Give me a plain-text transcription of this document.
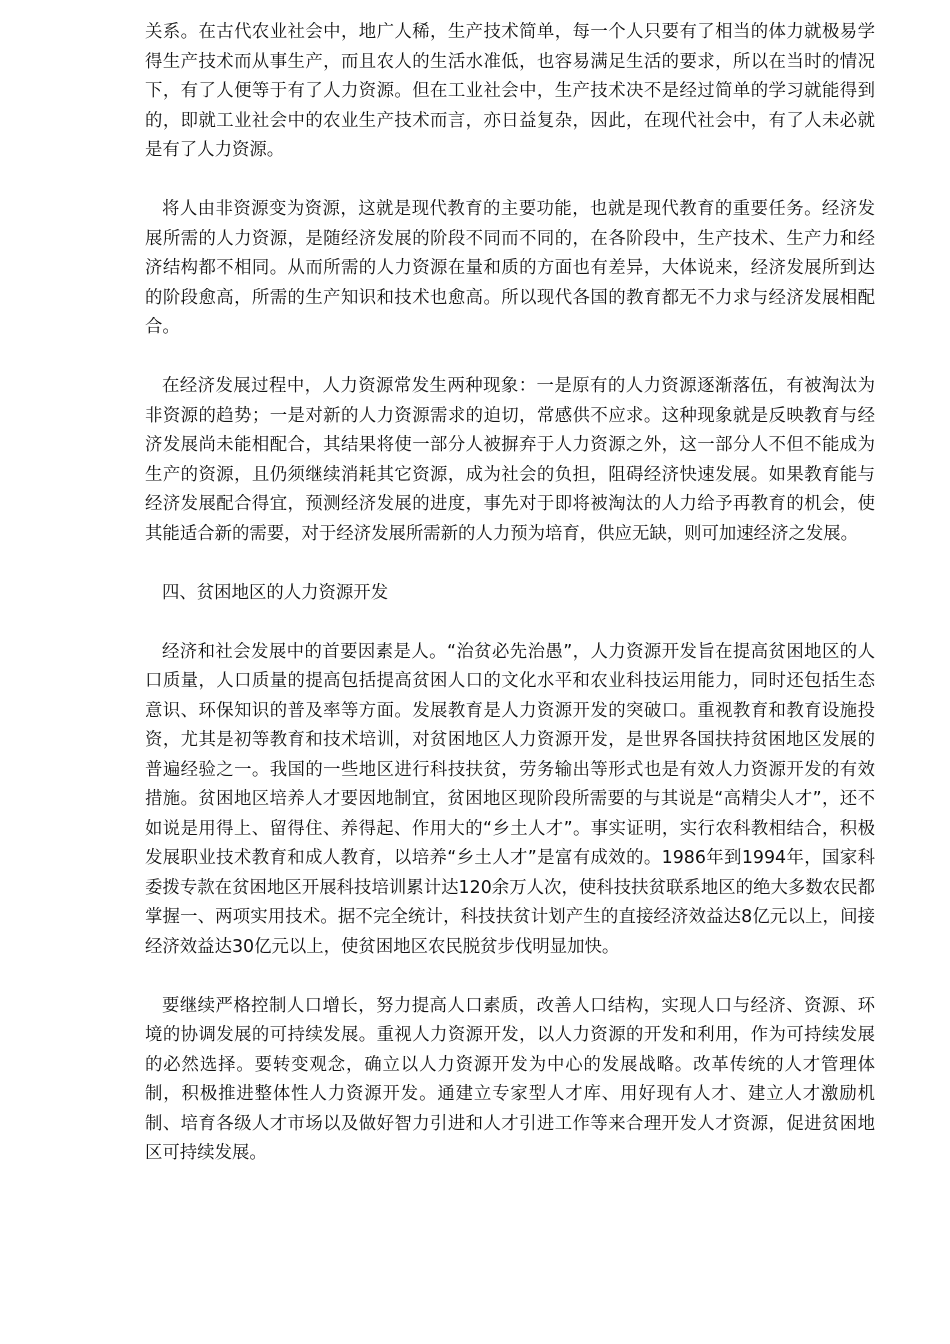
关系。在古代农业社会中，地广人稀，生产技术简单，每一个人只要有了相当的体力就极易学得生产技术而从事生产，而且农人的生活水准低，也容易满足生活的要求，所以在当时的情况下，有了人便等于有了人力资源。但在工业社会中，生产技术决不是经过简单的学习就能得到的，即就工业社会中的农业生产技术而言，亦日益复杂，因此，在现代社会中，有了人未必就是有了人力资源。

将人由非资源变为资源，这就是现代教育的主要功能，也就是现代教育的重要任务。经济发展所需的人力资源，是随经济发展的阶段不同而不同的，在各阶段中，生产技术、生产力和经济结构都不相同。从而所需的人力资源在量和质的方面也有差异，大体说来，经济发展所到达的阶段愈高，所需的生产知识和技术也愈高。所以现代各国的教育都无不力求与经济发展相配合。

在经济发展过程中，人力资源常发生两种现象：一是原有的人力资源逐渐落伍，有被淘汰为非资源的趋势；一是对新的人力资源需求的迫切，常感供不应求。这种现象就是反映教育与经济发展尚未能相配合，其结果将使一部分人被摒弃于人力资源之外，这一部分人不但不能成为生产的资源，且仍须继续消耗其它资源，成为社会的负担，阻碍经济快速发展。如果教育能与经济发展配合得宜，预测经济发展的进度，事先对于即将被淘汰的人力给予再教育的机会，使其能适合新的需要，对于经济发展所需新的人力预为培育，供应无缺，则可加速经济之发展。

四、贫困地区的人力资源开发

经济和社会发展中的首要因素是人。“治贫必先治愚”，人力资源开发旨在提高贫困地区的人口质量，人口质量的提高包括提高贫困人口的文化水平和农业科技运用能力，同时还包括生态意识、环保知识的普及率等方面。发展教育是人力资源开发的突破口。重视教育和教育设施投资，尤其是初等教育和技术培训，对贫困地区人力资源开发，是世界各国扶持贫困地区发展的普遍经验之一。我国的一些地区进行科技扶贫，劳务输出等形式也是有效人力资源开发的有效措施。贫困地区培养人才要因地制宜，贫困地区现阶段所需要的与其说是“高精尖人才”，还不如说是用得上、留得住、养得起、作用大的“乡土人才”。事实证明，实行农科教相结合，积极发展职业技术教育和成人教育，以培养“乡土人才”是富有成效的。1986年到1994年，国家科委拨专款在贫困地区开展科技培训累计达120余万人次，使科技扶贫联系地区的绝大多数农民都掌握一、两项实用技术。据不完全统计，科技扶贫计划产生的直接经济效益达8亿元以上，间接经济效益达30亿元以上，使贫困地区农民脱贫步伐明显加快。

要继续严格控制人口增长，努力提高人口素质，改善人口结构，实现人口与经济、资源、环境的协调发展的可持续发展。重视人力资源开发，以人力资源的开发和利用，作为可持续发展的必然选择。要转变观念，确立以人力资源开发为中心的发展战略。改革传统的人才管理体制，积极推进整体性人力资源开发。通建立专家型人才库、用好现有人才、建立人才激励机制、培育各级人才市场以及做好智力引进和人才引进工作等来合理开发人才资源，促进贫困地区可持续发展。
